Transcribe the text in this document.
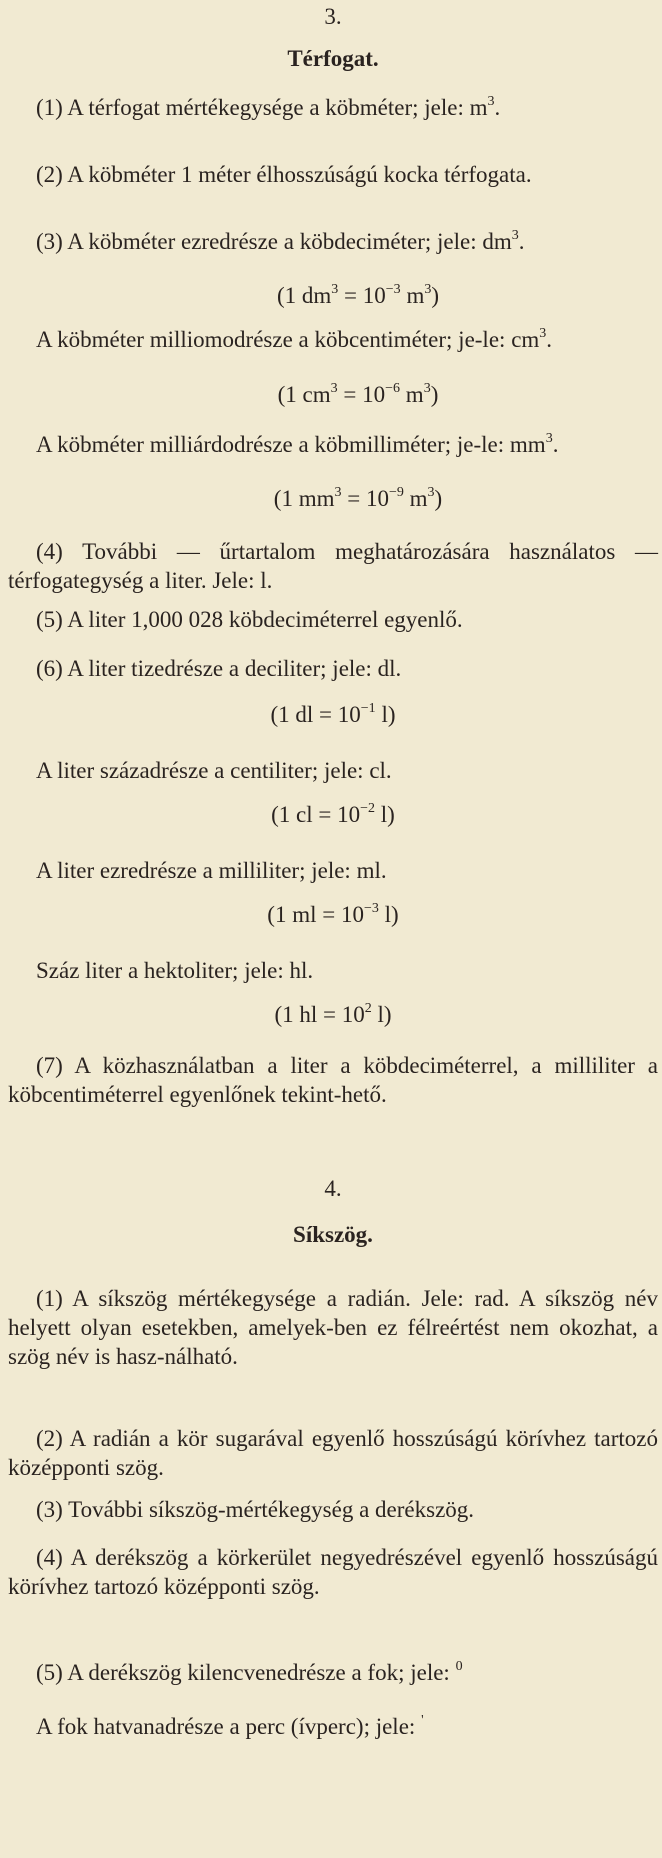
3.
Térfogat.

(1) A térfogat mértékegysége a köbméter; jele: $m^3$.

(2) A köbméter 1 méter élhosszúságú kocka térfogata.

(3) A köbméter ezredrésze a köbdeciméter; jele: $dm^3$.

(1 $dm^3 = 10^{-3}$ $m^3$)

A köbméter milliomodrésze a köbcentiméter; je-le: $cm^3$.

(1 $cm^3 = 10^{-6}$ $m^3$)

A köbméter milliárdodrésze a köbmilliméter; je-le: $mm^3$.

(1 $mm^3 = 10^{-9}$ $m^3$)

(4) További — űrtartalom meghatározására használatos — térfogategység a liter. Jele: l.

(5) A liter 1,000 028 köbdeciméterrel egyenlő.

(6) A liter tizedrésze a deciliter; jele: dl.

(1 dl = $10^{-1}$ l)

A liter századrésze a centiliter; jele: cl.

(1 cl = $10^{-2}$ l)

A liter ezredrésze a milliliter; jele: ml.

(1 ml = $10^{-3}$ l)

Száz liter a hektoliter; jele: hl.

(1 hl = $10^2$ l)

(7) A közhasználatban a liter a köbdeciméterrel, a milliliter a köbcentiméterrel egyenlőnek tekint-hető.

4.
Síkszög.

(1) A síkszög mértékegysége a radián. Jele: rad. A síkszög név helyett olyan esetekben, amelyek-ben ez félreértést nem okozhat, a szög név is hasz-nálható.

(2) A radián a kör sugarával egyenlő hosszúságú körívhez tartozó középponti szög.

(3) További síkszög-mértékegység a derékszög.

(4) A derékszög a körkerület negyedrészével egyenlő hosszúságú körívhez tartozó középponti szög.

(5) A derékszög kilencvenedrésze a fok; jele: $^0$

A fok hatvanadrésze a perc (ívperc); jele: '
